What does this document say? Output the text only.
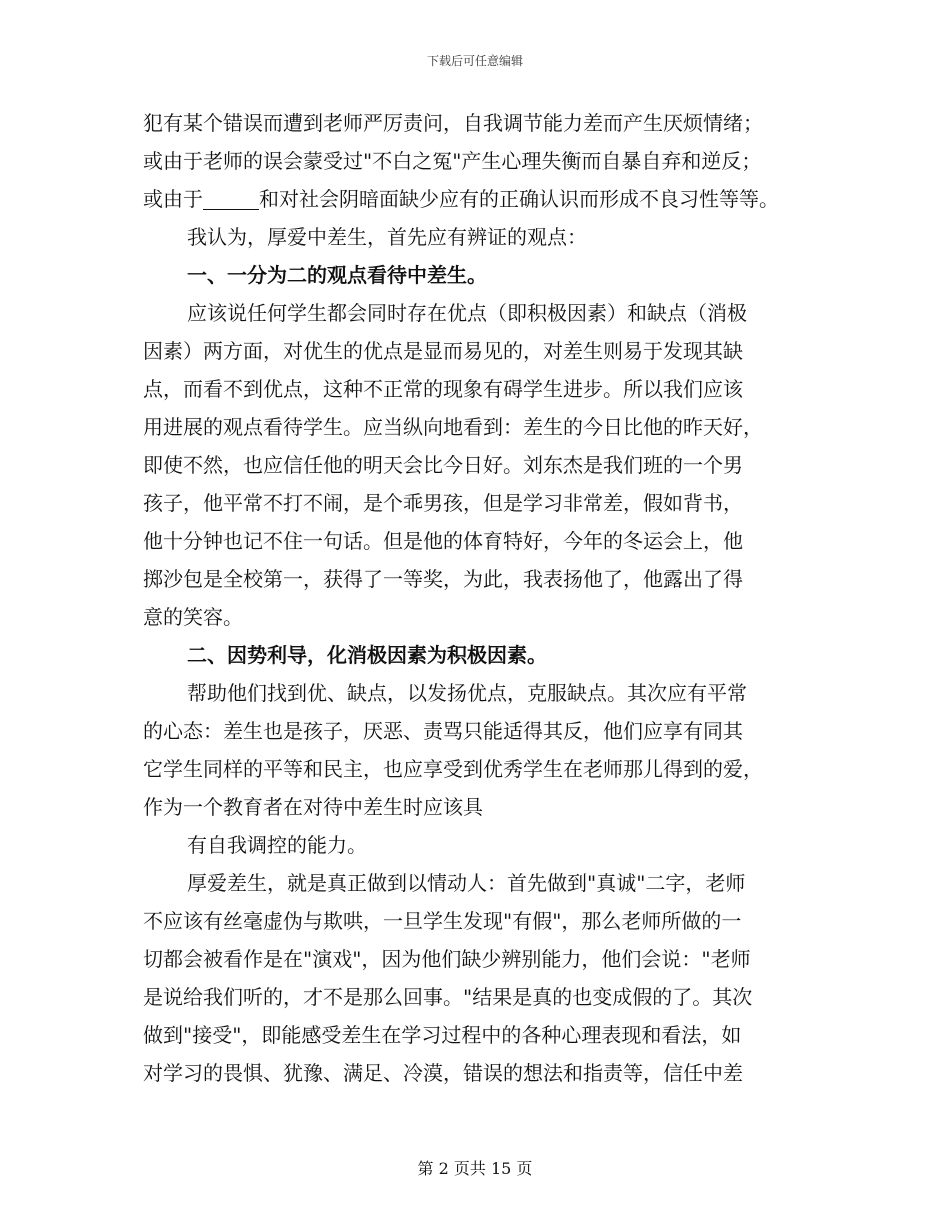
下载后可任意编辑

犯有某个错误而遭到老师严厉责问，自我调节能力差而产生厌烦情绪；

或由于老师的误会蒙受过"不白之冤"产生心理失衡而自暴自弃和逆反；

或由于	和对社会阴暗面缺少应有的正确认识而形成不良习性等等。

我认为，厚爱中差生，首先应有辨证的观点：

一、一分为二的观点看待中差生。

应该说任何学生都会同时存在优点（即积极因素）和缺点（消极

因素）两方面，对优生的优点是显而易见的，对差生则易于发现其缺

点，而看不到优点，这种不正常的现象有碍学生进步。所以我们应该

用进展的观点看待学生。应当纵向地看到：差生的今日比他的昨天好，

即使不然，也应信任他的明天会比今日好。刘东杰是我们班的一个男

孩子，他平常不打不闹，是个乖男孩，但是学习非常差，假如背书，

他十分钟也记不住一句话。但是他的体育特好，今年的冬运会上，他

掷沙包是全校第一，获得了一等奖，为此，我表扬他了，他露出了得

意的笑容。

二、因势利导，化消极因素为积极因素。

帮助他们找到优、缺点，以发扬优点，克服缺点。其次应有平常

的心态：差生也是孩子，厌恶、责骂只能适得其反，他们应享有同其

它学生同样的平等和民主，也应享受到优秀学生在老师那儿得到的爱，

作为一个教育者在对待中差生时应该具

有自我调控的能力。

厚爱差生，就是真正做到以情动人：首先做到"真诚"二字，老师

不应该有丝毫虚伪与欺哄，一旦学生发现"有假"，那么老师所做的一

切都会被看作是在"演戏"，因为他们缺少辨别能力，他们会说："老师

是说给我们听的，才不是那么回事。"结果是真的也变成假的了。其次

做到"接受"，即能感受差生在学习过程中的各种心理表现和看法，如

对学习的畏惧、犹豫、满足、冷漠，错误的想法和指责等，信任中差

第 2 页共 15 页
